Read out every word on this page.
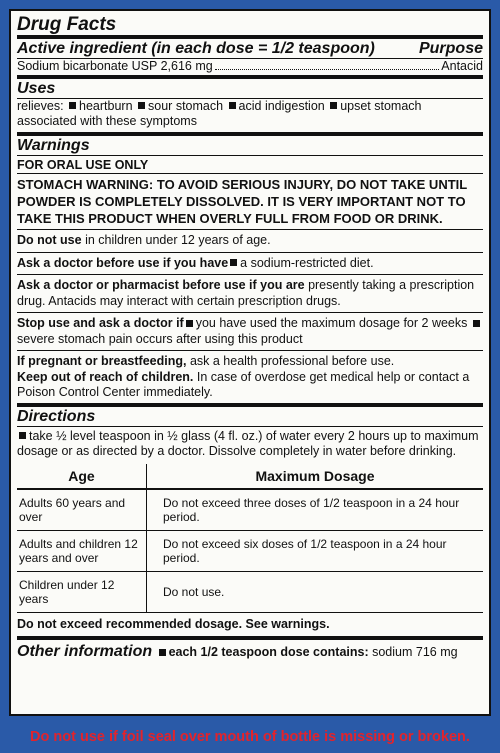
Drug Facts
Active ingredient (in each dose = 1/2 teaspoon)	Purpose
Sodium bicarbonate USP 2,616 mg	Antacid
Uses
relieves: heartburn sour stomach acid indigestion upset stomach associated with these symptoms
Warnings
FOR ORAL USE ONLY
STOMACH WARNING: TO AVOID SERIOUS INJURY, DO NOT TAKE UNTIL POWDER IS COMPLETELY DISSOLVED. IT IS VERY IMPORTANT NOT TO TAKE THIS PRODUCT WHEN OVERLY FULL FROM FOOD OR DRINK.
Do not use in children under 12 years of age.
Ask a doctor before use if you have a sodium-restricted diet.
Ask a doctor or pharmacist before use if you are presently taking a prescription drug. Antacids may interact with certain prescription drugs.
Stop use and ask a doctor if you have used the maximum dosage for 2 weeks severe stomach pain occurs after using this product
If pregnant or breastfeeding, ask a health professional before use.
Keep out of reach of children. In case of overdose get medical help or contact a Poison Control Center immediately.
Directions
take ½ level teaspoon in ½ glass (4 fl. oz.) of water every 2 hours up to maximum dosage or as directed by a doctor. Dissolve completely in water before drinking.
Age	Maximum Dosage
Adults 60 years and over	Do not exceed three doses of 1/2 teaspoon in a 24 hour period.
Adults and children 12 years and over	Do not exceed six doses of 1/2 teaspoon in a 24 hour period.
Children under 12 years	Do not use.
Do not exceed recommended dosage. See warnings.
Other information each 1/2 teaspoon dose contains: sodium 716 mg
Do not use if foil seal over mouth of bottle is missing or broken.
